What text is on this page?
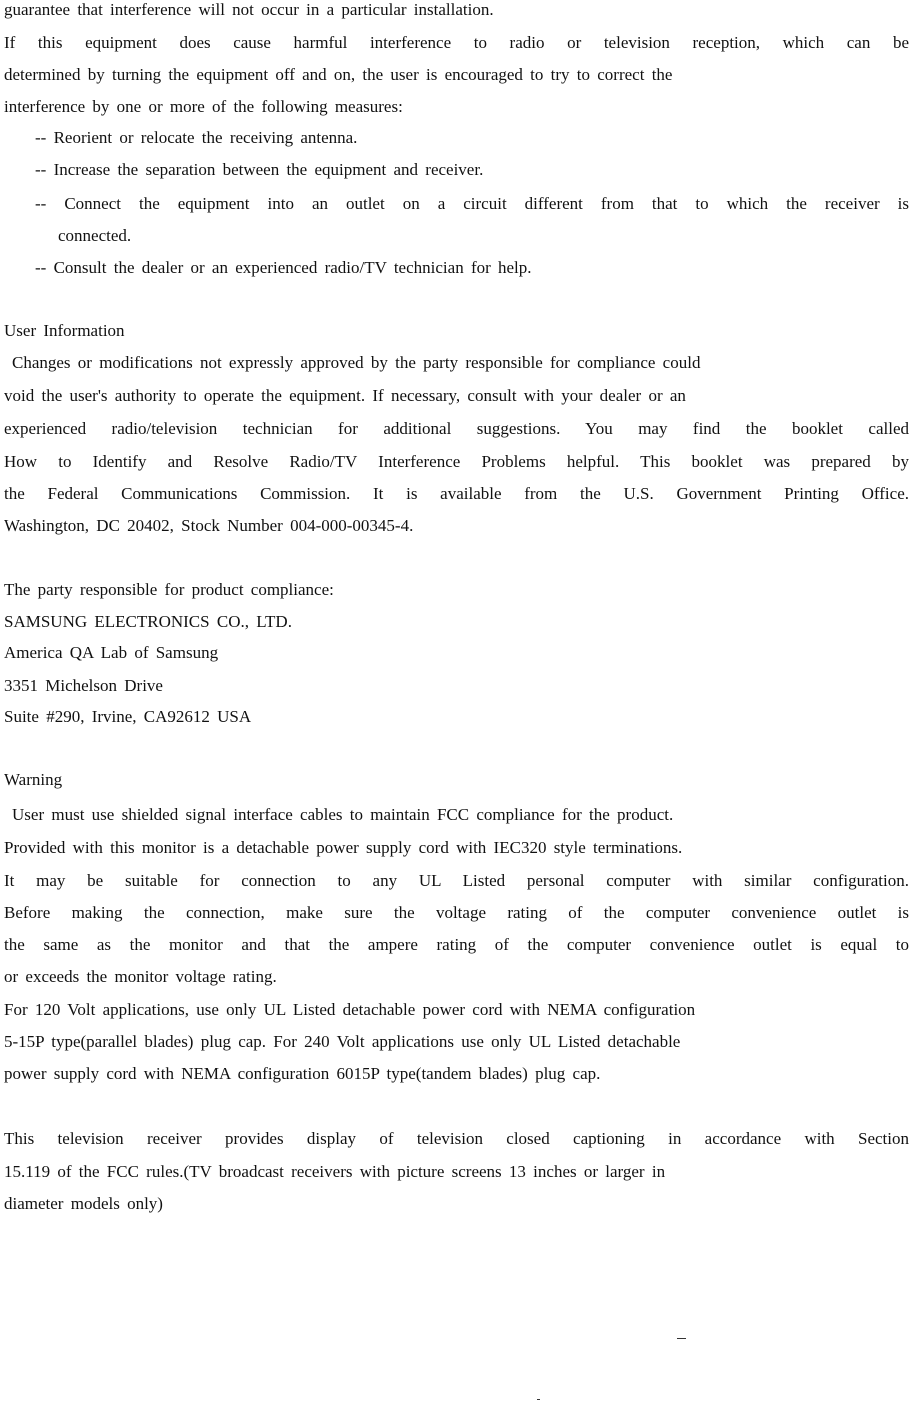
guarantee that interference will not occur in a particular installation.
If this equipment does cause harmful interference to radio or television reception, which can be
determined by turning the equipment off and on, the user is encouraged to try to correct the
interference by one or more of the following measures:
-- Reorient or relocate the receiving antenna.
-- Increase the separation between the equipment and receiver.
-- Connect the equipment into an outlet on a circuit different from that to which the receiver is
connected.
-- Consult the dealer or an experienced radio/TV technician for help.
User Information
Changes or modifications not expressly approved by the party responsible for compliance could
void the user's authority to operate the equipment. If necessary, consult with your dealer or an
experienced radio/television technician for additional suggestions. You may find the booklet called
How to Identify and Resolve Radio/TV Interference Problems helpful. This booklet was prepared by
the Federal Communications Commission. It is available from the U.S. Government Printing Office.
Washington, DC 20402, Stock Number 004-000-00345-4.
The party responsible for product compliance:
SAMSUNG ELECTRONICS CO., LTD.
America QA Lab of Samsung
3351 Michelson Drive
Suite #290, Irvine, CA92612 USA
Warning
User must use shielded signal interface cables to maintain FCC compliance for the product.
Provided with this monitor is a detachable power supply cord with IEC320 style terminations.
It may be suitable for connection to any UL Listed personal computer with similar configuration.
Before making the connection, make sure the voltage rating of the computer convenience outlet is
the same as the monitor and that the ampere rating of the computer convenience outlet is equal to
or exceeds the monitor voltage rating.
For 120 Volt applications, use only UL Listed detachable power cord with NEMA configuration
5-15P type(parallel blades) plug cap. For 240 Volt applications use only UL Listed detachable
power supply cord with NEMA configuration 6015P type(tandem blades) plug cap.
This television receiver provides display of television closed captioning in accordance with Section
15.119 of the FCC rules.(TV broadcast receivers with picture screens 13 inches or larger in
diameter models only)
